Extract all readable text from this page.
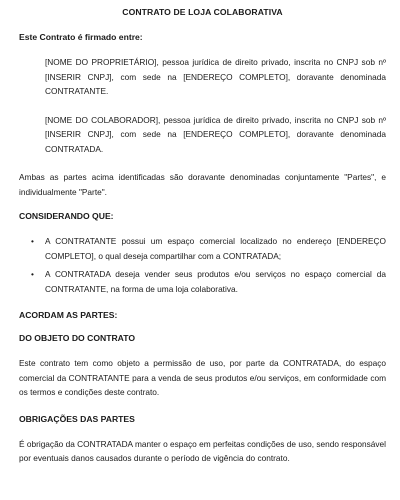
CONTRATO DE LOJA COLABORATIVA
Este Contrato é firmado entre:

[NOME DO PROPRIETÁRIO], pessoa jurídica de direito privado, inscrita no CNPJ sob nº [INSERIR CNPJ], com sede na [ENDEREÇO COMPLETO], doravante denominada CONTRATANTE.

[NOME DO COLABORADOR], pessoa jurídica de direito privado, inscrita no CNPJ sob nº [INSERIR CNPJ], com sede na [ENDEREÇO COMPLETO], doravante denominada CONTRATADA.

Ambas as partes acima identificadas são doravante denominadas conjuntamente "Partes", e individualmente "Parte".

CONSIDERANDO QUE:
• A CONTRATANTE possui um espaço comercial localizado no endereço [ENDEREÇO COMPLETO], o qual deseja compartilhar com a CONTRATADA;
• A CONTRATADA deseja vender seus produtos e/ou serviços no espaço comercial da CONTRATANTE, na forma de uma loja colaborativa.
ACORDAM AS PARTES:
DO OBJETO DO CONTRATO

Este contrato tem como objeto a permissão de uso, por parte da CONTRATADA, do espaço comercial da CONTRATANTE para a venda de seus produtos e/ou serviços, em conformidade com os termos e condições deste contrato.

OBRIGAÇÕES DAS PARTES

É obrigação da CONTRATADA manter o espaço em perfeitas condições de uso, sendo responsável por eventuais danos causados durante o período de vigência do contrato.
